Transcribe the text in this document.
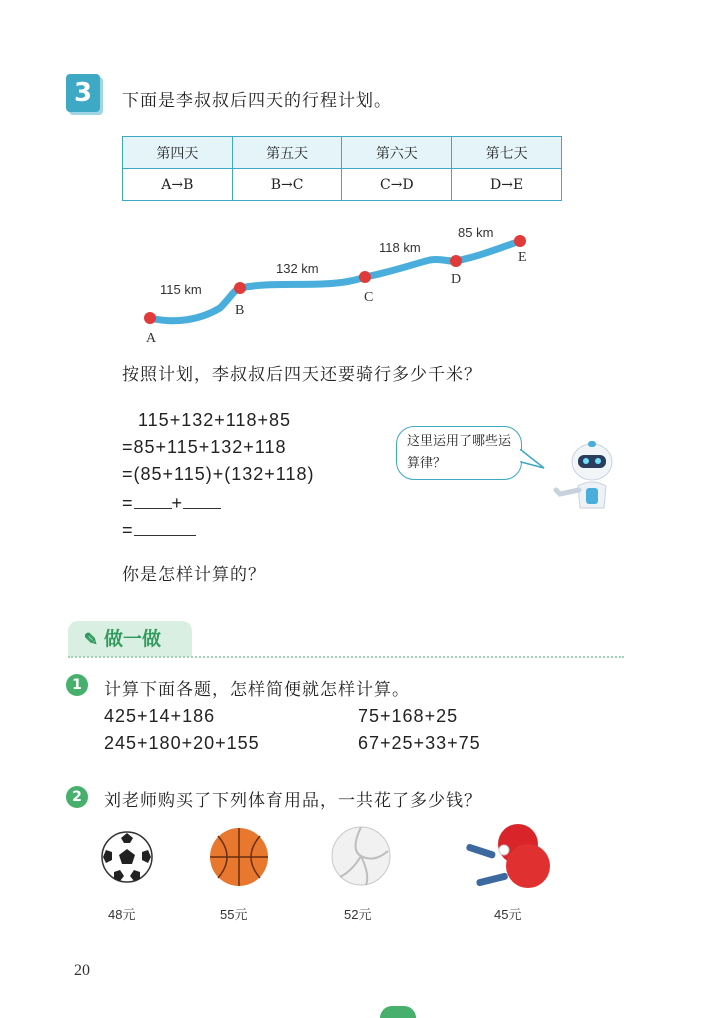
3	下面是李叔叔后四天的行程计划。
第四天	第五天	第六天	第七天
A→B	B→C	C→D	D→E
A
B
C
D
E
115 km
132 km
118 km
85 km
按照计划，李叔叔后四天还要骑行多少千米？
115+132+118+85
=85+115+132+118
=(85+115)+(132+118)
= +
=
这里运用了哪些运算律？
你是怎样计算的？
✎ 做一做
1	计算下面各题，怎样简便就怎样计算。
425+14+186	75+168+25
245+180+20+155	67+25+33+75
2	刘老师购买了下列体育用品，一共花了多少钱？
48元	55元	52元	45元
20
